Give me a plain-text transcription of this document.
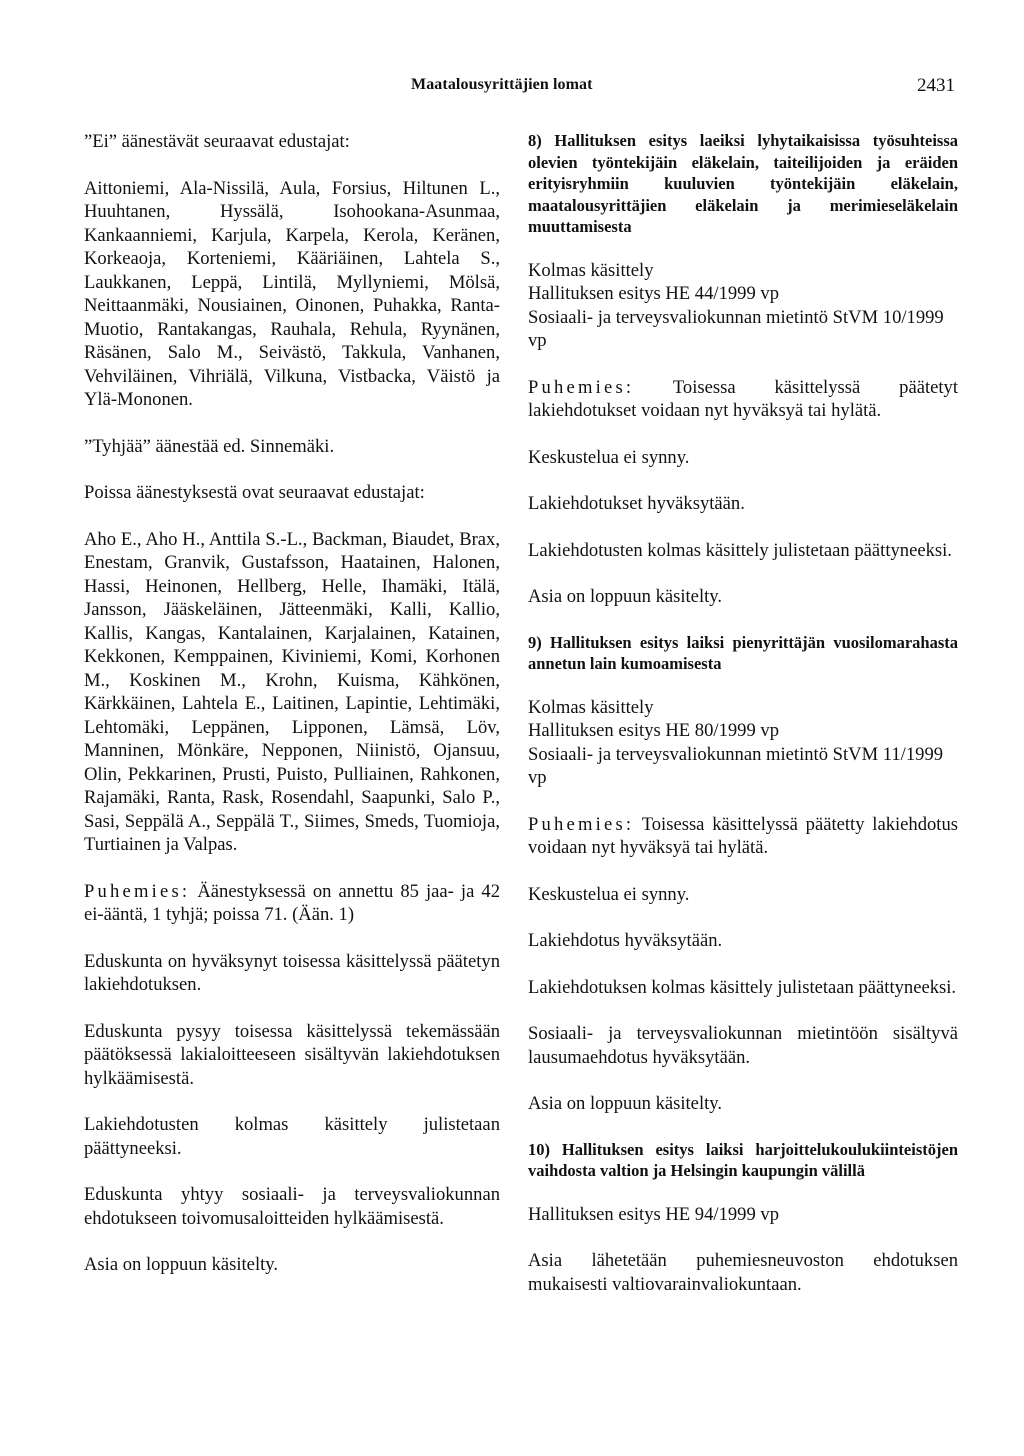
Maatalousyrittäjien lomat	2431

”Ei” äänestävät seuraavat edustajat:

Aittoniemi, Ala-Nissilä, Aula, Forsius, Hiltunen L., Huuhtanen, Hyssälä, Isohookana-Asunmaa, Kankaanniemi, Karjula, Karpela, Kerola, Keränen, Korkeaoja, Korteniemi, Kääriäinen, Lahtela S., Laukkanen, Leppä, Lintilä, Myllyniemi, Mölsä, Neittaanmäki, Nousiainen, Oinonen, Puhakka, Ranta-Muotio, Rantakangas, Rauhala, Rehula, Ryynänen, Räsänen, Salo M., Seivästö, Takkula, Vanhanen, Vehviläinen, Vihriälä, Vilkuna, Vistbacka, Väistö ja Ylä-Mononen.

”Tyhjää” äänestää ed. Sinnemäki.

Poissa äänestyksestä ovat seuraavat edustajat:

Aho E., Aho H., Anttila S.-L., Backman, Biaudet, Brax, Enestam, Granvik, Gustafsson, Haatainen, Halonen, Hassi, Heinonen, Hellberg, Helle, Ihamäki, Itälä, Jansson, Jääskeläinen, Jätteenmäki, Kalli, Kallio, Kallis, Kangas, Kantalainen, Karjalainen, Katainen, Kekkonen, Kemppainen, Kiviniemi, Komi, Korhonen M., Koskinen M., Krohn, Kuisma, Kähkönen, Kärkkäinen, Lahtela E., Laitinen, Lapintie, Lehtimäki, Lehtomäki, Leppänen, Lipponen, Lämsä, Löv, Manninen, Mönkäre, Nepponen, Niinistö, Ojansuu, Olin, Pekkarinen, Prusti, Puisto, Pulliainen, Rahkonen, Rajamäki, Ranta, Rask, Rosendahl, Saapunki, Salo P., Sasi, Seppälä A., Seppälä T., Siimes, Smeds, Tuomioja, Turtiainen ja Valpas.

Puhemies: Äänestyksessä on annettu 85 jaa- ja 42 ei-ääntä, 1 tyhjä; poissa 71. (Ään. 1)

Eduskunta on hyväksynyt toisessa käsittelyssä päätetyn lakiehdotuksen.

Eduskunta pysyy toisessa käsittelyssä tekemässään päätöksessä lakialoitteeseen sisältyvän lakiehdotuksen hylkäämisestä.

Lakiehdotusten kolmas käsittely julistetaan päättyneeksi.

Eduskunta yhtyy sosiaali- ja terveysvaliokunnan ehdotukseen toivomusaloitteiden hylkäämisestä.

Asia on loppuun käsitelty.

8) Hallituksen esitys laeiksi lyhytaikaisissa työsuhteissa olevien työntekijäin eläkelain, taiteilijoiden ja eräiden erityisryhmiin kuuluvien työntekijäin eläkelain, maatalousyrittäjien eläkelain ja merimieseläkelain muuttamisesta

Kolmas käsittely
Hallituksen esitys HE 44/1999 vp
Sosiaali- ja terveysvaliokunnan mietintö StVM 10/1999 vp

Puhemies: Toisessa käsittelyssä päätetyt lakiehdotukset voidaan nyt hyväksyä tai hylätä.

Keskustelua ei synny.

Lakiehdotukset hyväksytään.

Lakiehdotusten kolmas käsittely julistetaan päättyneeksi.

Asia on loppuun käsitelty.

9) Hallituksen esitys laiksi pienyrittäjän vuosilomarahasta annetun lain kumoamisesta

Kolmas käsittely
Hallituksen esitys HE 80/1999 vp
Sosiaali- ja terveysvaliokunnan mietintö StVM 11/1999 vp

Puhemies: Toisessa käsittelyssä päätetty lakiehdotus voidaan nyt hyväksyä tai hylätä.

Keskustelua ei synny.

Lakiehdotus hyväksytään.

Lakiehdotuksen kolmas käsittely julistetaan päättyneeksi.

Sosiaali- ja terveysvaliokunnan mietintöön sisältyvä lausumaehdotus hyväksytään.

Asia on loppuun käsitelty.

10) Hallituksen esitys laiksi harjoittelukoulukiinteistöjen vaihdosta valtion ja Helsingin kaupungin välillä

Hallituksen esitys HE 94/1999 vp

Asia lähetetään puhemiesneuvoston ehdotuksen mukaisesti valtiovarainvaliokuntaan.
